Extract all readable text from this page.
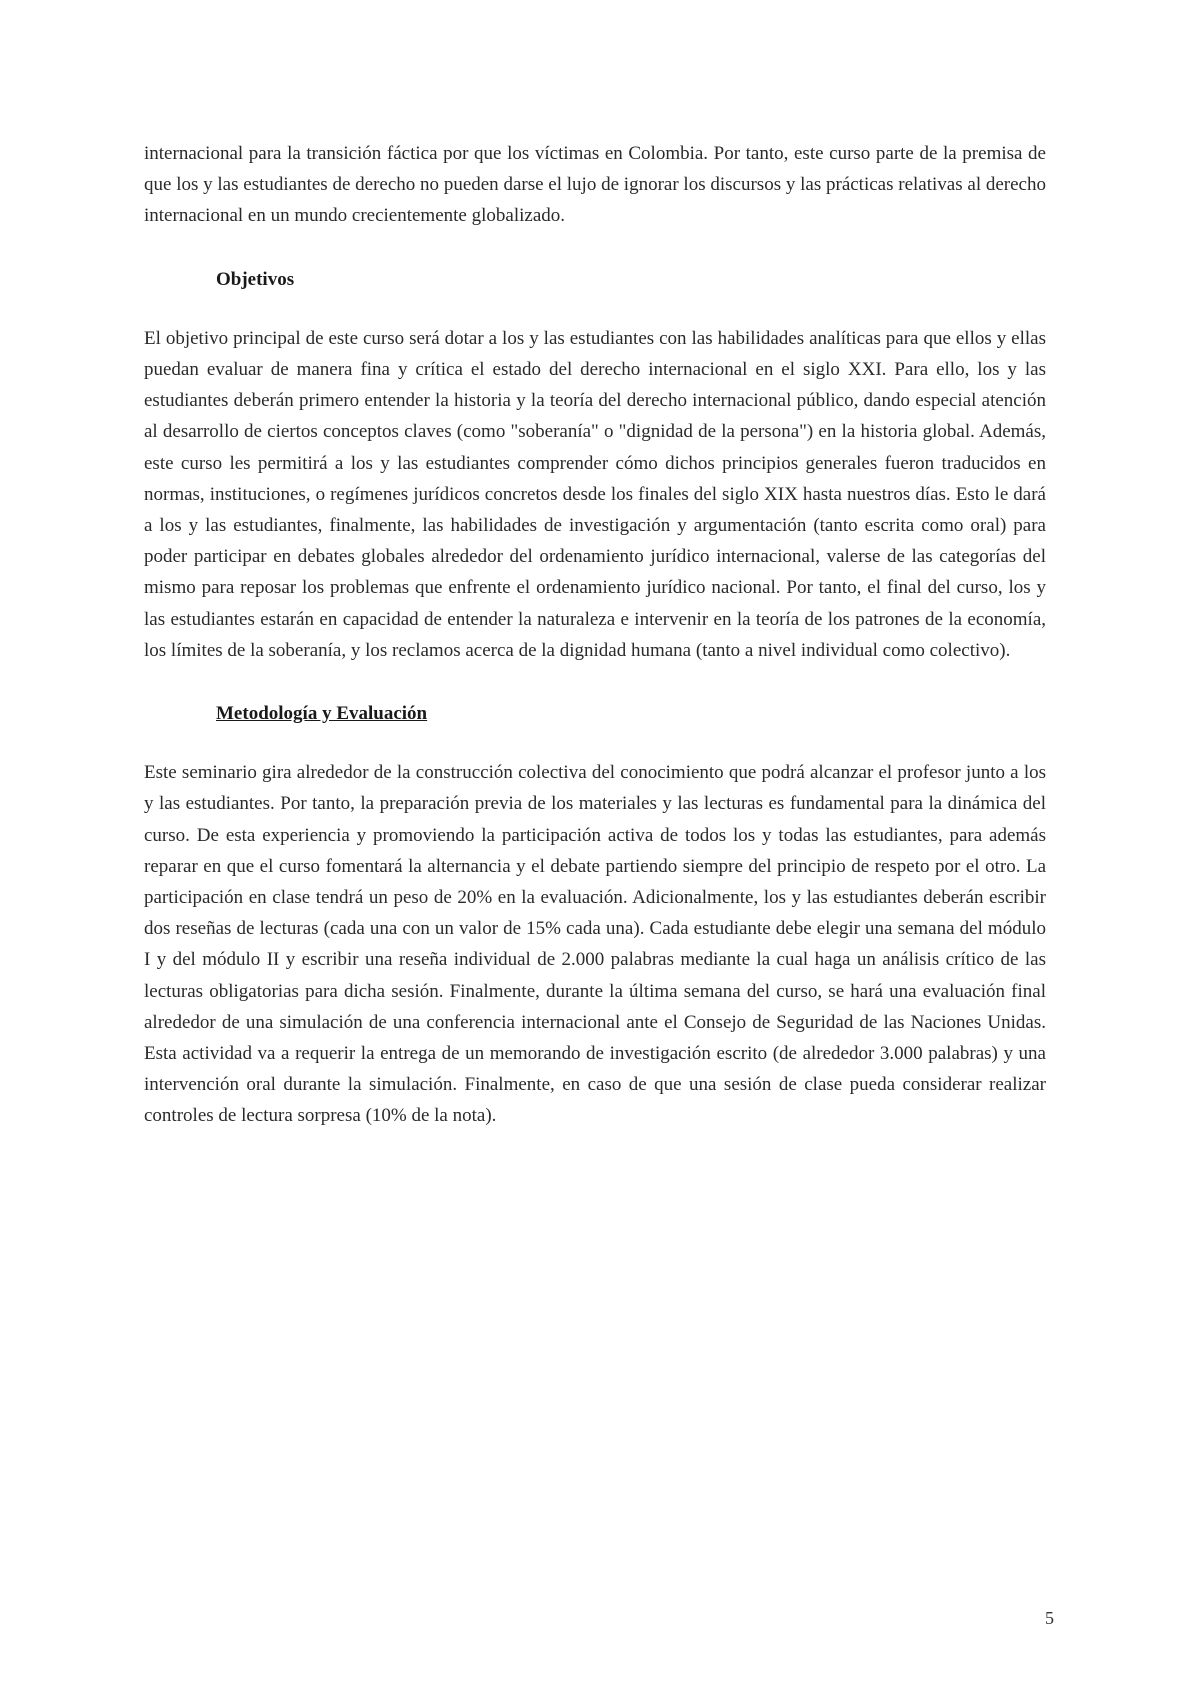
internacional para la transición fáctica por que los víctimas en Colombia. Por tanto, este curso parte de la premisa de que los y las estudiantes de derecho no pueden darse el lujo de ignorar los discursos y las prácticas relativas al derecho internacional en un mundo crecientemente globalizado.

Objetivos

El objetivo principal de este curso será dotar a los y las estudiantes con las habilidades analíticas para que ellos y ellas puedan evaluar de manera fina y crítica el estado del derecho internacional en el siglo XXI. Para ello, los y las estudiantes deberán primero entender la historia y la teoría del derecho internacional público, dando especial atención al desarrollo de ciertos conceptos claves (como "soberanía" o "dignidad de la persona") en la historia global. Además, este curso les permitirá a los y las estudiantes comprender cómo dichos principios generales fueron traducidos en normas, instituciones, o regímenes jurídicos concretos desde los finales del siglo XIX hasta nuestros días. Esto le dará a los y las estudiantes, finalmente, las habilidades de investigación y argumentación (tanto escrita como oral) para poder participar en debates globales alrededor del ordenamiento jurídico internacional, valerse de las categorías del mismo para reposar los problemas que enfrente el ordenamiento jurídico nacional. Por tanto, el final del curso, los y las estudiantes estarán en capacidad de entender la naturaleza e intervenir en la teoría de los patrones de la economía, los límites de la soberanía, y los reclamos acerca de la dignidad humana (tanto a nivel individual como colectivo).

Metodología y Evaluación

Este seminario gira alrededor de la construcción colectiva del conocimiento que podrá alcanzar el profesor junto a los y las estudiantes. Por tanto, la preparación previa de los materiales y las lecturas es fundamental para la dinámica del curso. De esta experiencia y promoviendo la participación activa de todos los y todas las estudiantes, para además reparar en que el curso fomentará la alternancia y el debate partiendo siempre del principio de respeto por el otro. La participación en clase tendrá un peso de 20% en la evaluación. Adicionalmente, los y las estudiantes deberán escribir dos reseñas de lecturas (cada una con un valor de 15% cada una). Cada estudiante debe elegir una semana del módulo I y del módulo II y escribir una reseña individual de 2.000 palabras mediante la cual haga un análisis crítico de las lecturas obligatorias para dicha sesión. Finalmente, durante la última semana del curso, se hará una evaluación final alrededor de una simulación de una conferencia internacional ante el Consejo de Seguridad de las Naciones Unidas. Esta actividad va a requerir la entrega de un memorando de investigación escrito (de alrededor 3.000 palabras) y una intervención oral durante la simulación. Finalmente, en caso de que una sesión de clase pueda considerar realizar controles de lectura sorpresa (10% de la nota).

5
